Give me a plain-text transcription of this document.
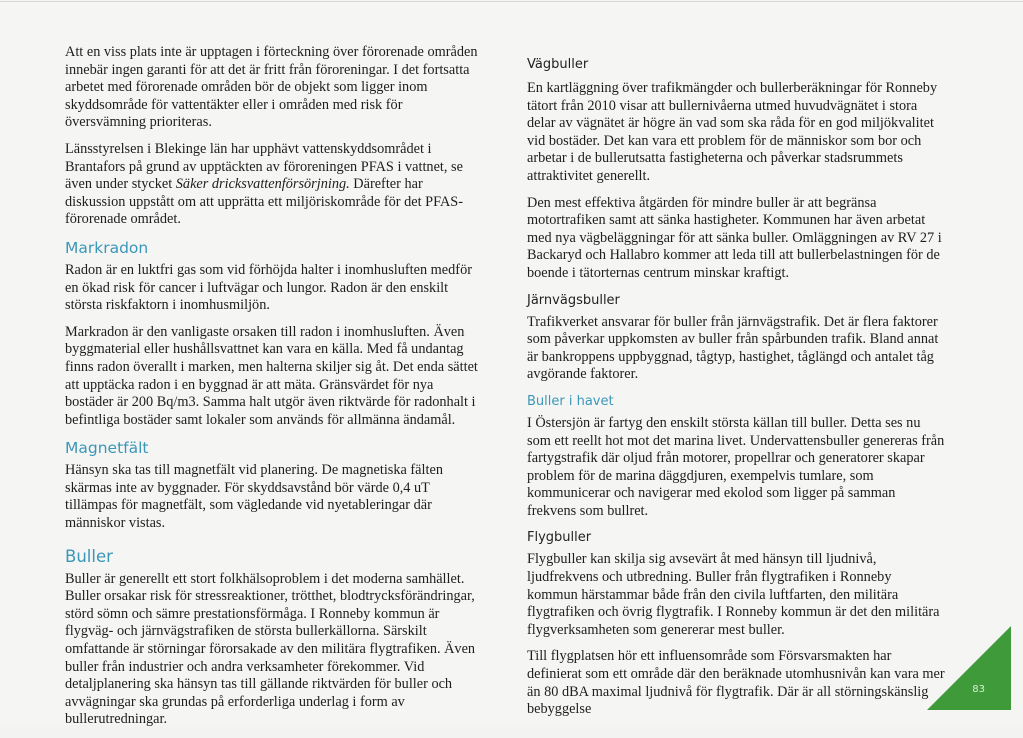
Att en viss plats inte är upptagen i förteckning över förorenade områden innebär ingen garanti för att det är fritt från föroreningar. I det fortsatta arbetet med förorenade områden bör de objekt som ligger inom skyddsområde för vattentäkter eller i områden med risk för översvämning prioriteras.

Länsstyrelsen i Blekinge län har upphävt vattenskyddsområdet i Brantafors på grund av upptäckten av föroreningen PFAS i vattnet, se även under stycket Säker dricksvattenförsörjning. Därefter har diskussion uppstått om att upprätta ett miljöriskområde för det PFAS-förorenade området.

Markradon

Radon är en luktfri gas som vid förhöjda halter i inomhusluften medför en ökad risk för cancer i luftvägar och lungor. Radon är den enskilt största riskfaktorn i inomhusmiljön.

Markradon är den vanligaste orsaken till radon i inomhusluften. Även byggmaterial eller hushållsvattnet kan vara en källa. Med få undantag finns radon överallt i marken, men halterna skiljer sig åt. Det enda sättet att upptäcka radon i en byggnad är att mäta. Gränsvärdet för nya bostäder är 200 Bq/m3. Samma halt utgör även riktvärde för radonhalt i befintliga bostäder samt lokaler som används för allmänna ändamål.

Magnetfält

Hänsyn ska tas till magnetfält vid planering. De magnetiska fälten skärmas inte av byggnader. För skyddsavstånd bör värde 0,4 uT tillämpas för magnetfält, som vägledande vid nyetableringar där människor vistas.

Buller

Buller är generellt ett stort folkhälsoproblem i det moderna samhället. Buller orsakar risk för stressreaktioner, trötthet, blodtrycksförändringar, störd sömn och sämre prestationsförmåga. I Ronneby kommun är flygväg- och järnvägstrafiken de största bullerkällorna. Särskilt omfattande är störningar förorsakade av den militära flygtrafiken. Även buller från industrier och andra verksamheter förekommer. Vid detaljplanering ska hänsyn tas till gällande riktvärden för buller och avvägningar ska grundas på erforderliga underlag i form av bullerutredningar.

Vägbuller

En kartläggning över trafikmängder och bullerberäkningar för Ronneby tätort från 2010 visar att bullernivåerna utmed huvudvägnätet i stora delar av vägnätet är högre än vad som ska råda för en god miljökvalitet vid bostäder. Det kan vara ett problem för de människor som bor och arbetar i de bullerutsatta fastigheterna och påverkar stadsrummets attraktivitet generellt.

Den mest effektiva åtgärden för mindre buller är att begränsa motortrafiken samt att sänka hastigheter. Kommunen har även arbetat med nya vägbeläggningar för att sänka buller. Omläggningen av RV 27 i Backaryd och Hallabro kommer att leda till att bullerbelastningen för de boende i tätorternas centrum minskar kraftigt.

Järnvägsbuller

Trafikverket ansvarar för buller från järnvägstrafik. Det är flera faktorer som påverkar uppkomsten av buller från spårbunden trafik. Bland annat är bankroppens uppbyggnad, tågtyp, hastighet, tåglängd och antalet tåg avgörande faktorer.

Buller i havet

I Östersjön är fartyg den enskilt största källan till buller. Detta ses nu som ett reellt hot mot det marina livet. Undervattensbuller genereras från fartygstrafik där oljud från motorer, propellrar och generatorer skapar problem för de marina däggdjuren, exempelvis tumlare, som kommunicerar och navigerar med ekolod som ligger på samman frekvens som bullret.

Flygbuller

Flygbuller kan skilja sig avsevärt åt med hänsyn till ljudnivå, ljudfrekvens och utbredning. Buller från flygtrafiken i Ronneby kommun härstammar både från den civila luftfarten, den militära flygtrafiken och övrig flygtrafik. I Ronneby kommun är det den militära flygverksamheten som genererar mest buller.

Till flygplatsen hör ett influensområde som Försvarsmakten har definierat som ett område där den beräknade utomhusnivån kan vara mer än 80 dBA maximal ljudnivå för flygtrafik. Där är all störningskänslig bebyggelse

83
